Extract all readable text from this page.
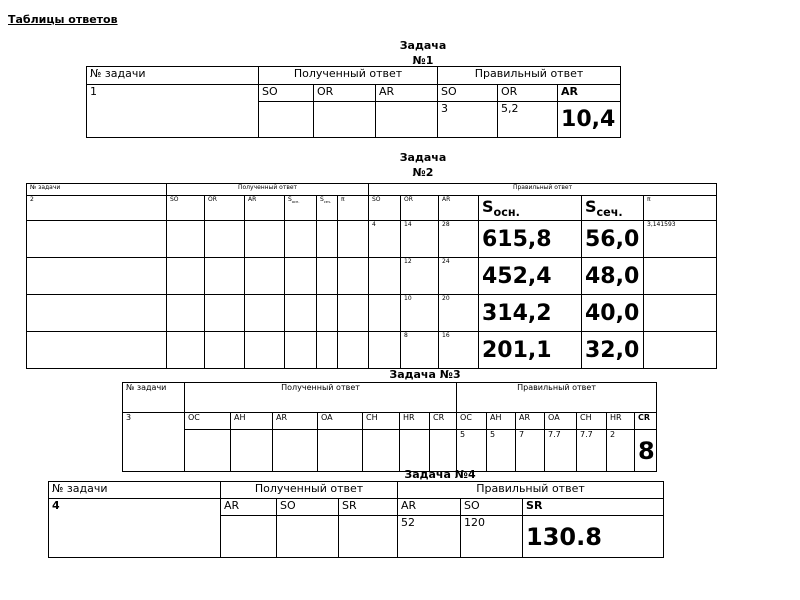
Таблицы ответов
Задача
№1
№ задачи	Полученный ответ			Правильный ответ		
1	SO	OR	AR	SO	OR	AR
				3	5,2	10,4
Задача
№2
№ задачи	Полученный ответ						Правильный ответ					
2	SO	OR	AR	$S_{осн.}$	$S_{сеч.}$	π	SO	OR	AR	$S_{осн.}$	$S_{сеч.}$	π
							4	14	28	615,8	56,0	3,141593
								12	24	452,4	48,0	
								10	20	314,2	40,0	
								8	16	201,1	32,0	
Задача №3
№ задачи	Полученный ответ							Правильный ответ						
3	OC	AH	AR	OA	CH	HR	CR	OC	AH	AR	OA	CH	HR	CR
								5	5	7	7.7	7.7	2	8
Задача №4
№ задачи	Полученный ответ			Правильный ответ		
4	AR	SO	SR	AR	SO	SR
				52	120	130.8
